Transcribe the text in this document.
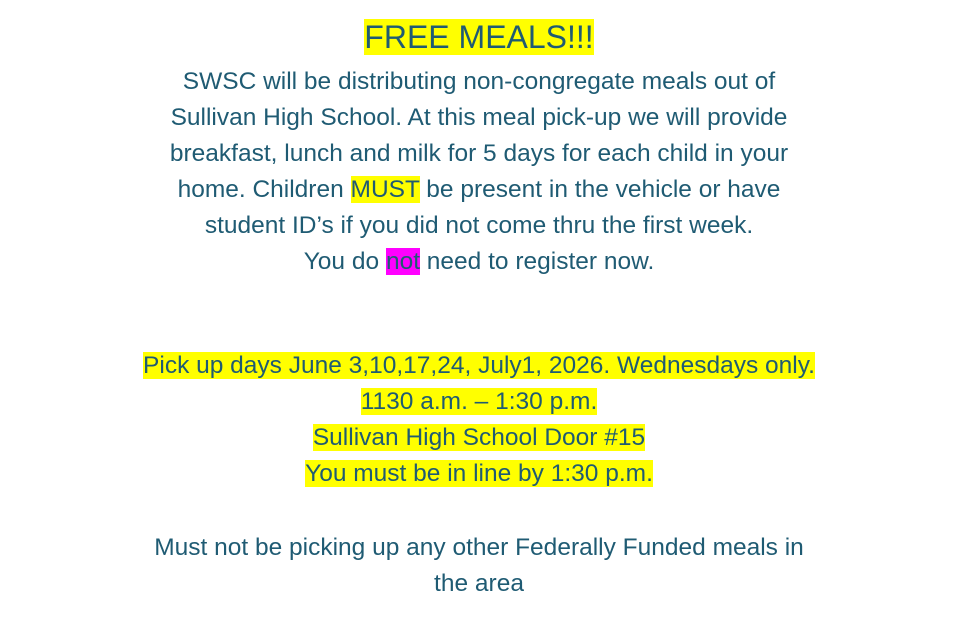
FREE MEALS!!!
SWSC will be distributing non-congregate meals out of
Sullivan High School. At this meal pick-up we will provide
breakfast, lunch and milk for 5 days for each child in your
home. Children MUST be present in the vehicle or have
student ID’s if you did not come thru the first week.
You do not need to register now.
Pick up days June 3,10,17,24, July1, 2026. Wednesdays only.
1130 a.m. – 1:30 p.m.
Sullivan High School Door #15
You must be in line by 1:30 p.m.
Must not be picking up any other Federally Funded meals in
the area
